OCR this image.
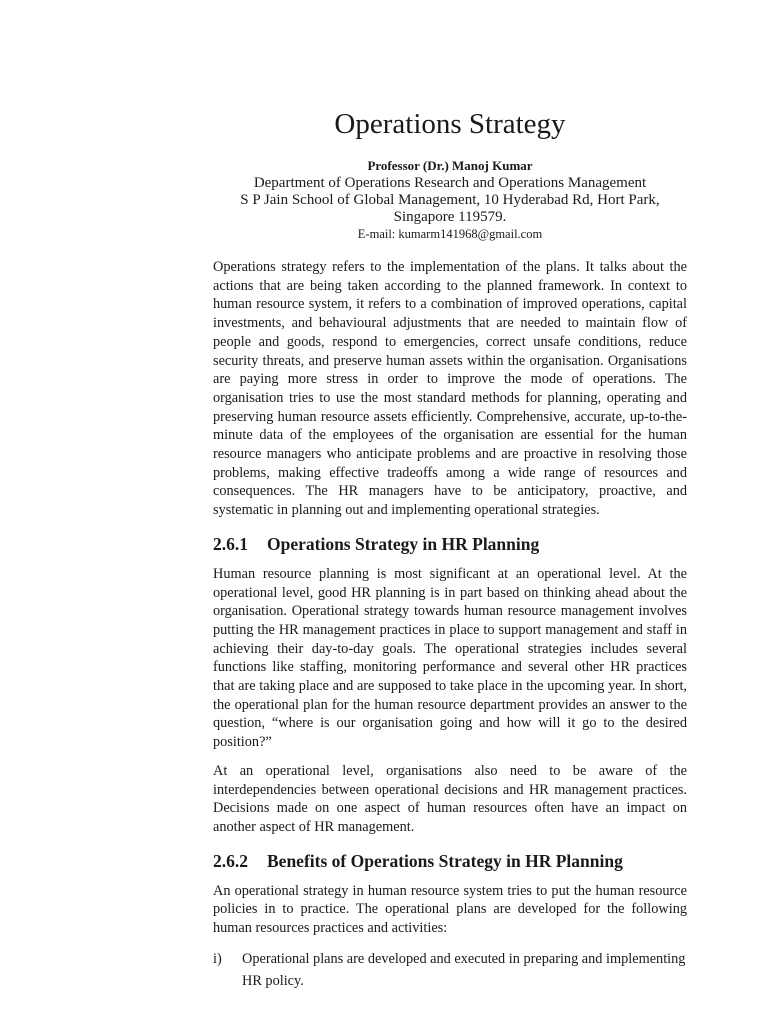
Operations Strategy
Professor (Dr.) Manoj Kumar
Department of Operations Research and Operations Management
S P Jain School of Global Management, 10 Hyderabad Rd, Hort Park,
Singapore 119579.
E-mail: kumarm141968@gmail.com

Operations strategy refers to the implementation of the plans. It talks about the actions that are being taken according to the planned framework. In context to human resource system, it refers to a combination of improved operations, capital investments, and behavioural adjustments that are needed to maintain flow of people and goods, respond to emergencies, correct unsafe conditions, reduce security threats, and preserve human assets within the organisation. Organisations are paying more stress in order to improve the mode of operations. The organisation tries to use the most standard methods for planning, operating and preserving human resource assets efficiently. Comprehensive, accurate, up-to-the-minute data of the employees of the organisation are essential for the human resource managers who anticipate problems and are proactive in resolving those problems, making effective tradeoffs among a wide range of resources and consequences. The HR managers have to be anticipatory, proactive, and systematic in planning out and implementing operational strategies.

2.6.1	Operations Strategy in HR Planning

Human resource planning is most significant at an operational level. At the operational level, good HR planning is in part based on thinking ahead about the organisation. Operational strategy towards human resource management involves putting the HR management practices in place to support management and staff in achieving their day-to-day goals. The operational strategies includes several functions like staffing, monitoring performance and several other HR practices that are taking place and are supposed to take place in the upcoming year. In short, the operational plan for the human resource department provides an answer to the question, “where is our organisation going and how will it go to the desired position?”

At an operational level, organisations also need to be aware of the interdependencies between operational decisions and HR management practices. Decisions made on one aspect of human resources often have an impact on another aspect of HR management.

2.6.2	Benefits of Operations Strategy in HR Planning

An operational strategy in human resource system tries to put the human resource policies in to practice. The operational plans are developed for the following human resources practices and activities:

i)	Operational plans are developed and executed in preparing and implementing HR policy.
